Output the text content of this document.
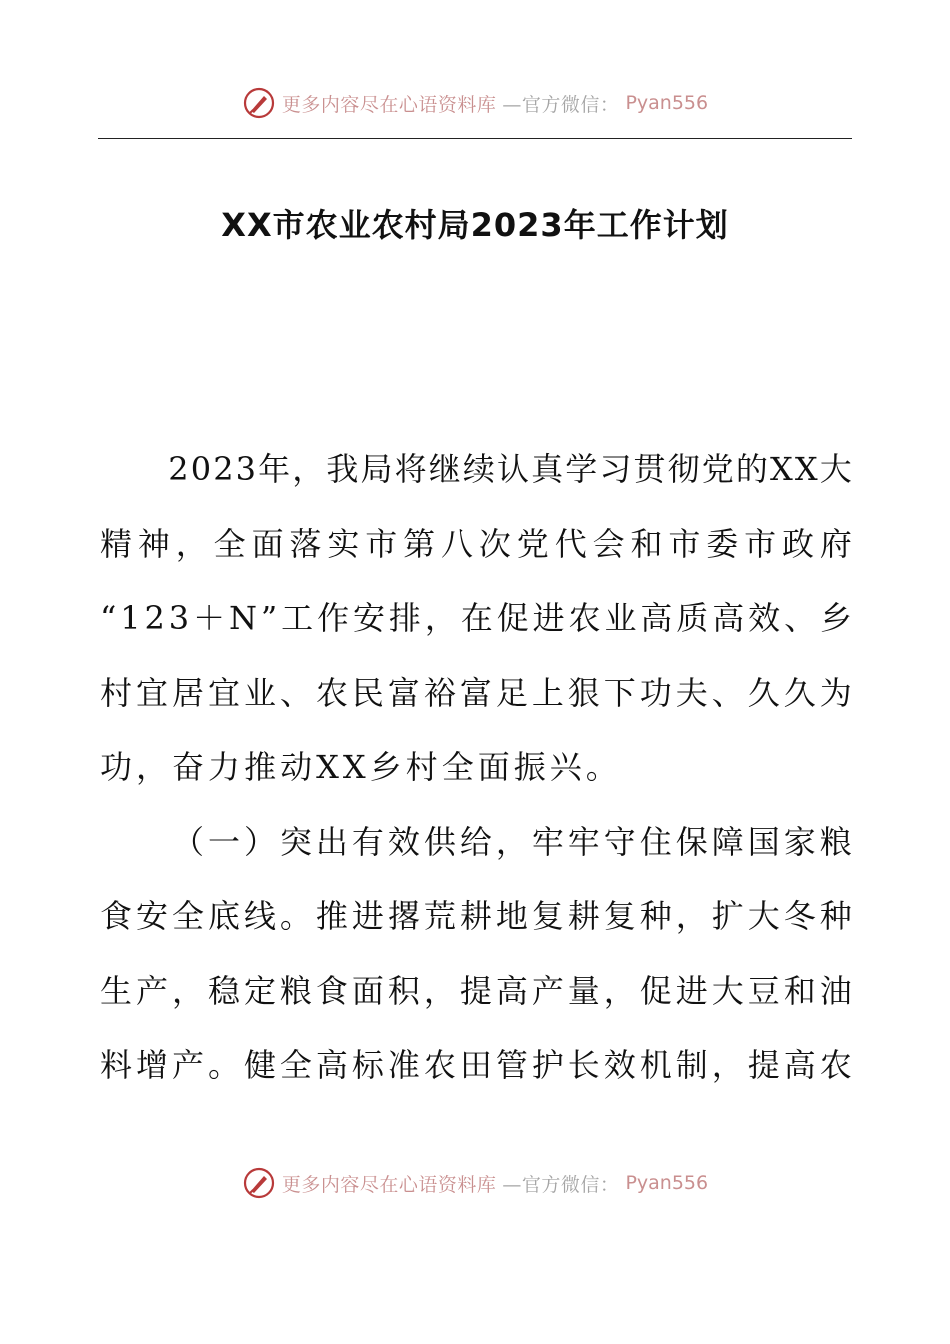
更多内容尽在心语资料库 —官方微信： Pyan556
XX市农业农村局2023年工作计划

2 0 2 3 年 ， 我 局 将 继 续 认 真 学 习 贯 彻 党 的 X X 大
精 神 ， 全 面 落 实 市 第 八 次 党 代 会 和 市 委 市 政 府
“ 1 2 3 ＋ N ” 工 作 安 排 ， 在 促 进 农 业 高 质 高 效 、 乡
村 宜 居 宜 业 、 农 民 富 裕 富 足 上 狠 下 功 夫 、 久 久 为
功 ， 奋 力 推 动 X X 乡 村 全 面 振 兴 。

（ 一 ） 突 出 有 效 供 给 ， 牢 牢 守 住 保 障 国 家 粮
食 安 全 底 线 。 推 进 撂 荒 耕 地 复 耕 复 种 ， 扩 大 冬 种
生 产 ， 稳 定 粮 食 面 积 ， 提 高 产 量 ， 促 进 大 豆 和 油
料 增 产 。 健 全 高 标 准 农 田 管 护 长 效 机 制 ， 提 高 农
更多内容尽在心语资料库 —官方微信： Pyan556
